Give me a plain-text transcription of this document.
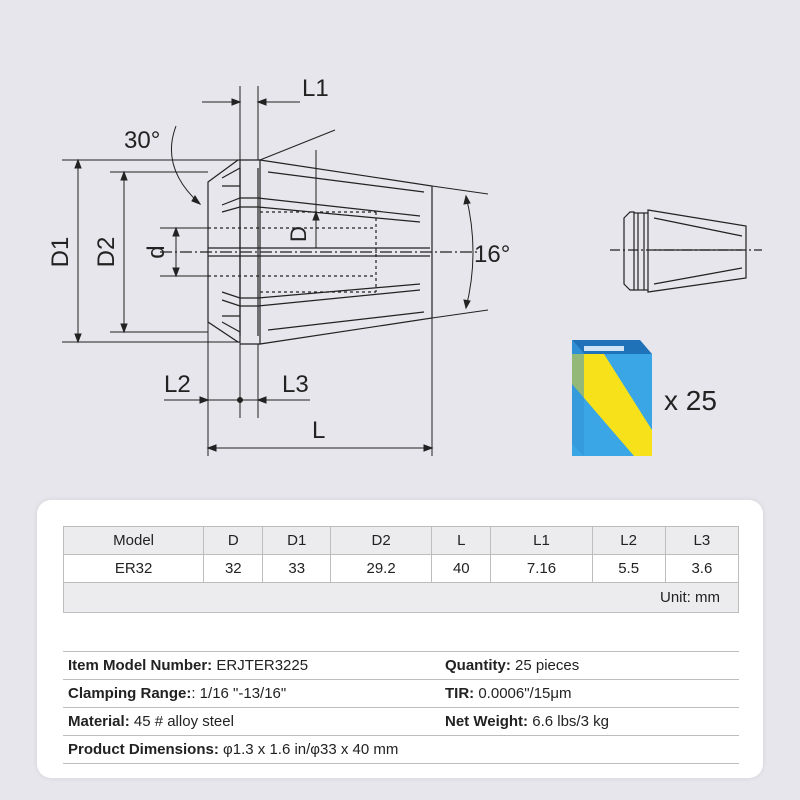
L1
30°
D1 D2 d
D
16°
L2	L3
L
x 25
Model	D	D1	D2	L	L1	L2	L3
ER32	32	33	29.2	40	7.16	5.5	3.6
Unit: mm							
Item Model Number: ERJTER3225	Quantity: 25 pieces
Clamping Range:: 1/16 "-13/16"	TIR: 0.0006"/15μm
Material: 45 # alloy steel	Net Weight: 6.6 lbs/3 kg
Product Dimensions: φ1.3 x 1.6 in/φ33 x 40 mm	
